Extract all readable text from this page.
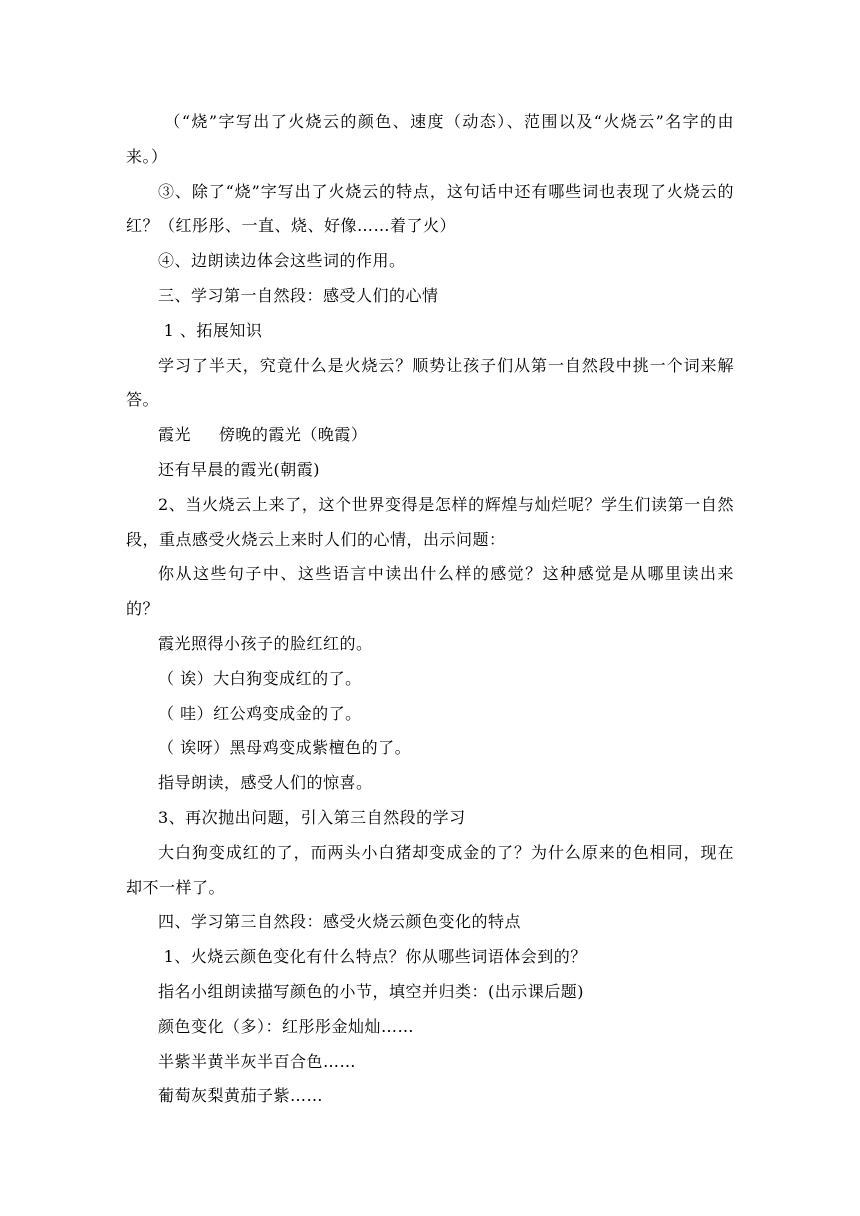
（“烧”字写出了火烧云的颜色、速度（动态）、范围以及“火烧云”名字的由来。）

③、除了“烧”字写出了火烧云的特点，这句话中还有哪些词也表现了火烧云的红？（红彤彤、一直、烧、好像……着了火）

④、边朗读边体会这些词的作用。

三、学习第一自然段：感受人们的心情

1 、拓展知识

学习了半天，究竟什么是火烧云？顺势让孩子们从第一自然段中挑一个词来解答。

霞光     傍晚的霞光（晚霞）

还有早晨的霞光(朝霞)

2、当火烧云上来了，这个世界变得是怎样的辉煌与灿烂呢？学生们读第一自然段，重点感受火烧云上来时人们的心情，出示问题：

你从这些句子中、这些语言中读出什么样的感觉？这种感觉是从哪里读出来的？

霞光照得小孩子的脸红红的。

（ 诶）大白狗变成红的了。

（ 哇）红公鸡变成金的了。

（ 诶呀）黑母鸡变成紫檀色的了。

指导朗读，感受人们的惊喜。

3、再次抛出问题，引入第三自然段的学习

大白狗变成红的了，而两头小白猪却变成金的了？为什么原来的色相同，现在却不一样了。

四、学习第三自然段：感受火烧云颜色变化的特点

1、火烧云颜色变化有什么特点？你从哪些词语体会到的？

指名小组朗读描写颜色的小节，填空并归类：(出示课后题)

颜色变化（多）：红彤彤金灿灿……

半紫半黄半灰半百合色……

葡萄灰梨黄茄子紫……
